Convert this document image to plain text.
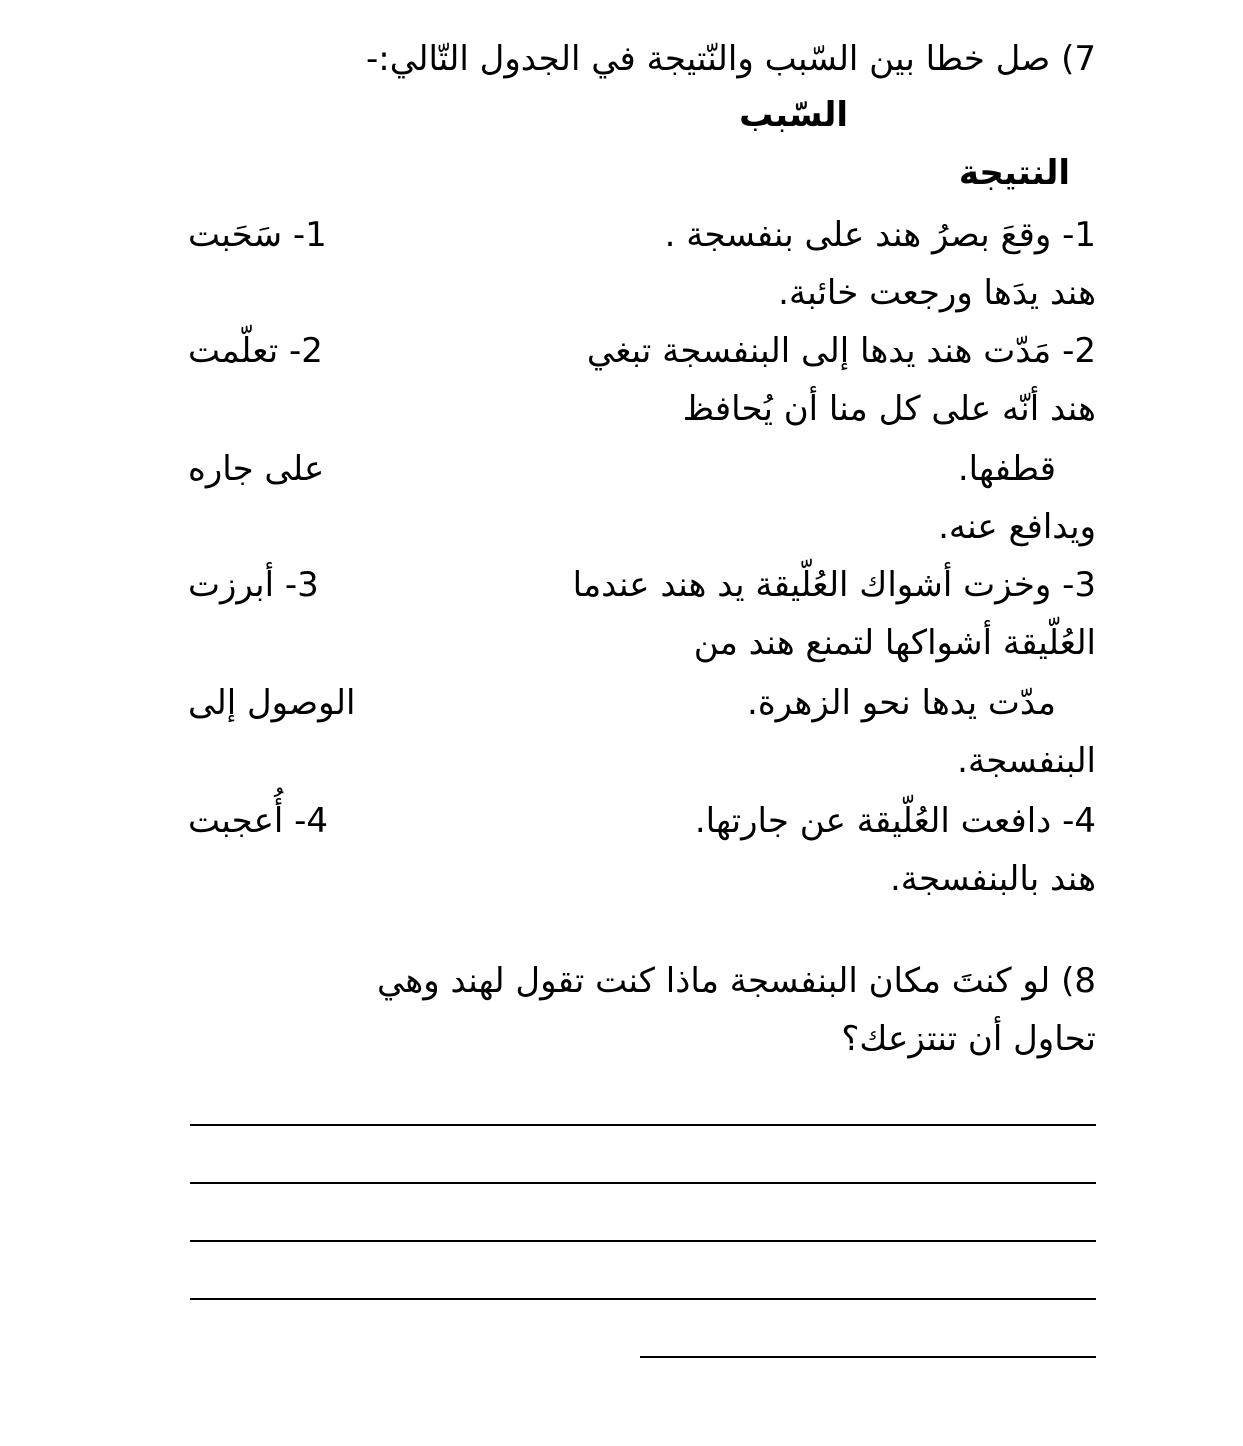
7) صل خطا بين السّبب والنّتيجة في الجدول التّالي:-
السّبب
النتيجة
1- وقعَ بصرُ هند على بنفسجة .
1- سَحَبت
هند يدَها ورجعت خائبة.
2- مَدّت هند يدها إلى البنفسجة تبغي
2- تعلّمت
هند أنّه على كل منا أن يُحافظ
قطفها.
على جاره
ويدافع عنه.
3- وخزت أشواك العُلّيقة يد هند عندما
3- أبرزت
العُلّيقة أشواكها لتمنع هند من
مدّت يدها نحو الزهرة.
الوصول إلى
البنفسجة.
4- دافعت العُلّيقة عن جارتها.
4- أُعجبت
هند بالبنفسجة.
8) لو كنتَ مكان البنفسجة ماذا كنت تقول لهند وهي
تحاول أن تنتزعك؟
